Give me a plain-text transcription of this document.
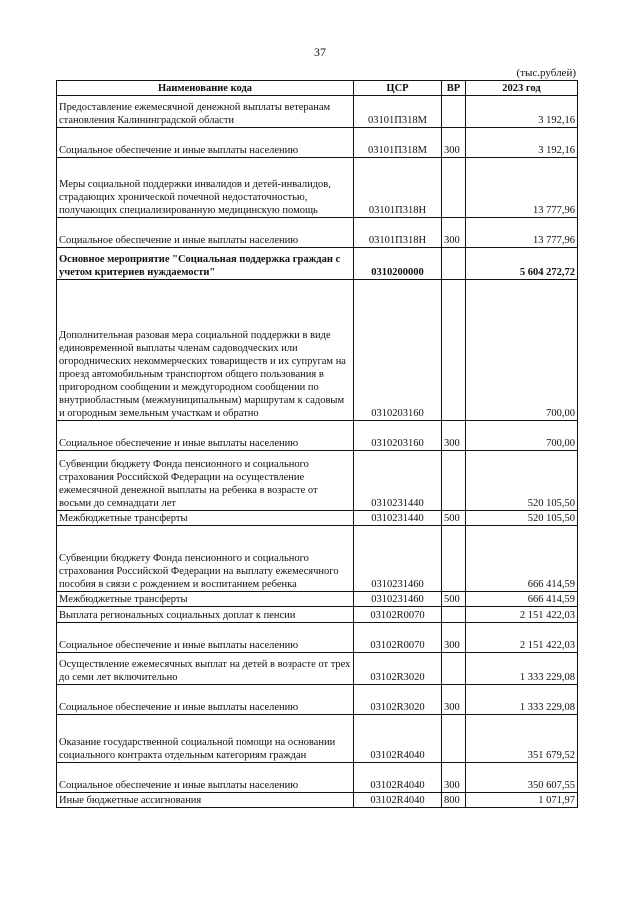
37
(тыс.рублей)
Наименование кода	ЦСР	ВР	2023 год
Предоставление ежемесячной денежной выплаты ветеранам становления Калининградской области	03101П318М		3 192,16
Социальное обеспечение и иные выплаты населению	03101П318М	300	3 192,16
Меры социальной поддержки инвалидов и детей-инвалидов, страдающих хронической почечной недостаточностью, получающих специализированную медицинскую помощь	03101П318Н		13 777,96
Социальное обеспечение и иные выплаты населению	03101П318Н	300	13 777,96
Основное мероприятие "Социальная поддержка граждан с учетом критериев нуждаемости"	0310200000		5 604 272,72
Дополнительная разовая мера социальной поддержки в виде единовременной выплаты членам садоводческих или огороднических некоммерческих товариществ и их супругам на проезд автомобильным транспортом общего пользования в пригородном сообщении и междугородном сообщении по внутриобластным (межмуниципальным) маршрутам к садовым и огородным земельным участкам и обратно	0310203160		700,00
Социальное обеспечение и иные выплаты населению	0310203160	300	700,00
Субвенции бюджету Фонда пенсионного и социального страхования Российской Федерации на осуществление ежемесячной денежной выплаты на ребенка в возрасте от восьми до семнадцати лет	0310231440		520 105,50
Межбюджетные трансферты	0310231440	500	520 105,50
Субвенции бюджету Фонда пенсионного и социального страхования Российской Федерации на выплату ежемесячного пособия в связи с рождением и воспитанием ребенка	0310231460		666 414,59
Межбюджетные трансферты	0310231460	500	666 414,59
Выплата региональных социальных доплат к пенсии	03102R0070		2 151 422,03
Социальное обеспечение и иные выплаты населению	03102R0070	300	2 151 422,03
Осуществление ежемесячных выплат на детей в возрасте от трех до семи лет включительно	03102R3020		1 333 229,08
Социальное обеспечение и иные выплаты населению	03102R3020	300	1 333 229,08
Оказание государственной социальной помощи на основании социального контракта отдельным категориям граждан	03102R4040		351 679,52
Социальное обеспечение и иные выплаты населению	03102R4040	300	350 607,55
Иные бюджетные ассигнования	03102R4040	800	1 071,97
